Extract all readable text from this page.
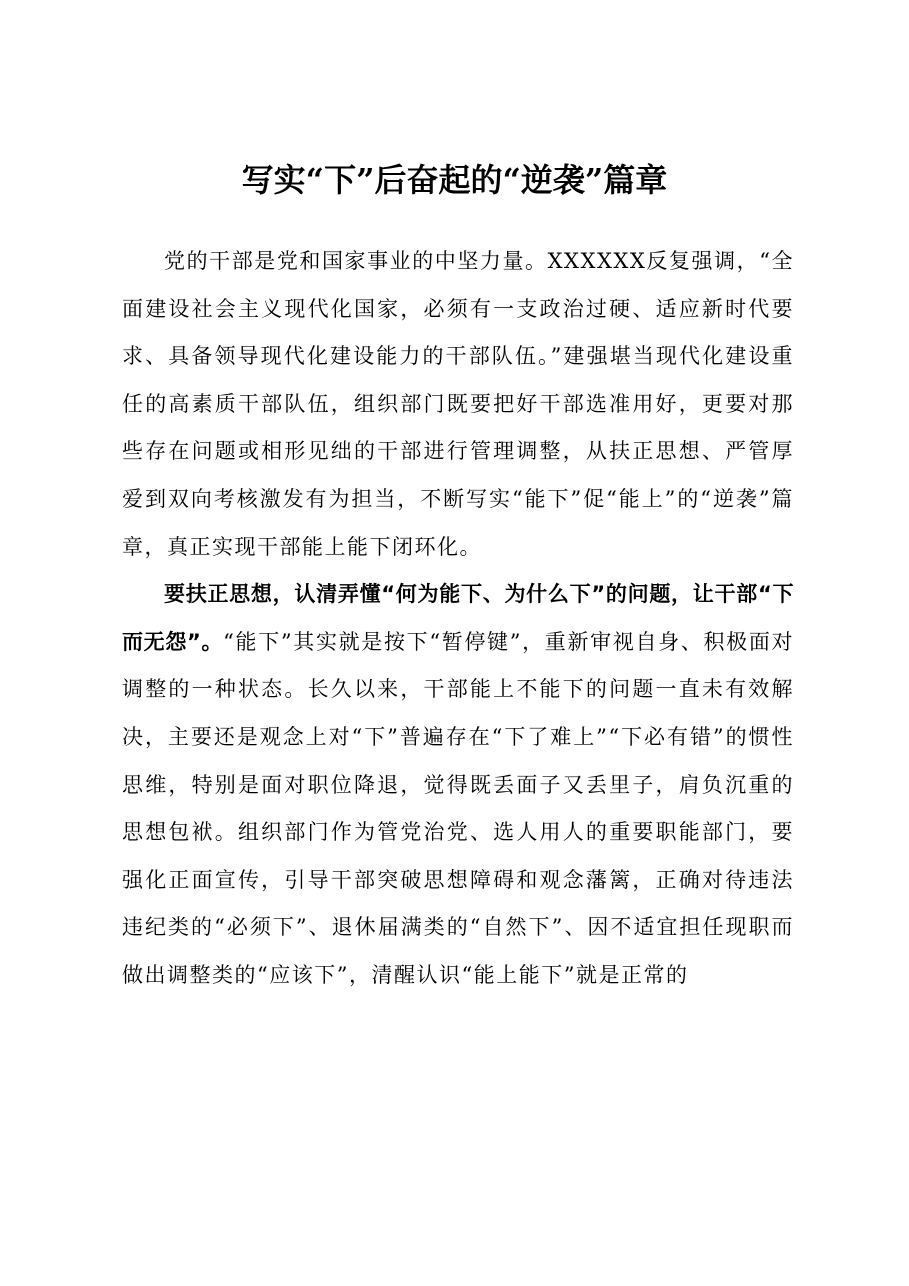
写实“下”后奋起的“逆袭”篇章

党的干部是党和国家事业的中坚力量。XXXXXX反复强调，“全面建设社会主义现代化国家，必须有一支政治过硬、适应新时代要求、具备领导现代化建设能力的干部队伍。”建强堪当现代化建设重任的高素质干部队伍，组织部门既要把好干部选准用好，更要对那些存在问题或相形见绌的干部进行管理调整，从扶正思想、严管厚爱到双向考核激发有为担当，不断写实“能下”促“能上”的“逆袭”篇章，真正实现干部能上能下闭环化。

要扶正思想，认清弄懂“何为能下、为什么下”的问题，让干部“下而无怨”。“能下”其实就是按下“暂停键”，重新审视自身、积极面对调整的一种状态。长久以来，干部能上不能下的问题一直未有效解决，主要还是观念上对“下”普遍存在“下了难上”“下必有错”的惯性思维，特别是面对职位降退，觉得既丢面子又丢里子，肩负沉重的思想包袱。组织部门作为管党治党、选人用人的重要职能部门，要强化正面宣传，引导干部突破思想障碍和观念藩篱，正确对待违法违纪类的“必须下”、退休届满类的“自然下”、因不适宜担任现职而做出调整类的“应该下”，清醒认识“能上能下”就是正常的
